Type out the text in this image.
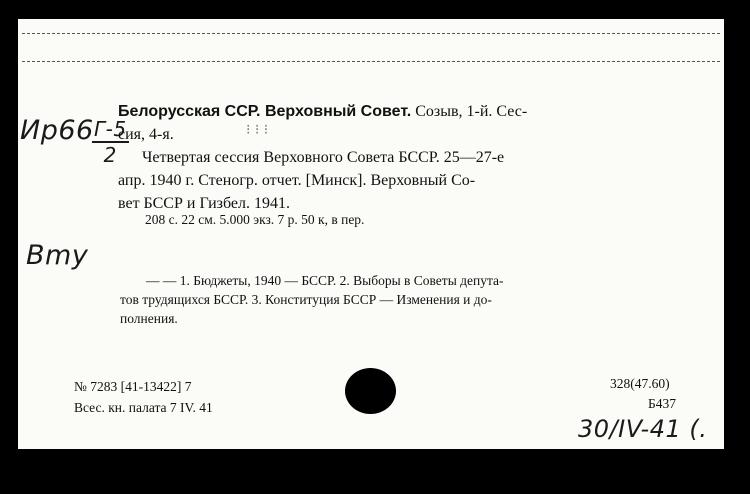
Ир66 Г-5
2
Bmy
Белорусская ССР. Верховный Совет. Созыв, 1-й. Сес-
сия, 4-я.	⁝ ⁝ ⁝
Четвертая сессия Верховного Совета БССР. 25—27-е
апр. 1940 г. Стеногр. отчет. [Минск]. Верховный Со-
вет БССР и Гизбел. 1941.
208 с. 22 см. 5.000 экз. 7 р. 50 к, в пер.
— — 1. Бюджеты, 1940 — БССР. 2. Выборы в Советы депута-
тов трудящихся БССР. 3. Конституция БССР — Изменения и до-
полнения.
№ 7283 [41-13422] 7
Всес. кн. палата 7 IV. 41
328(47.60)
Б437
30/IV-41 (.
